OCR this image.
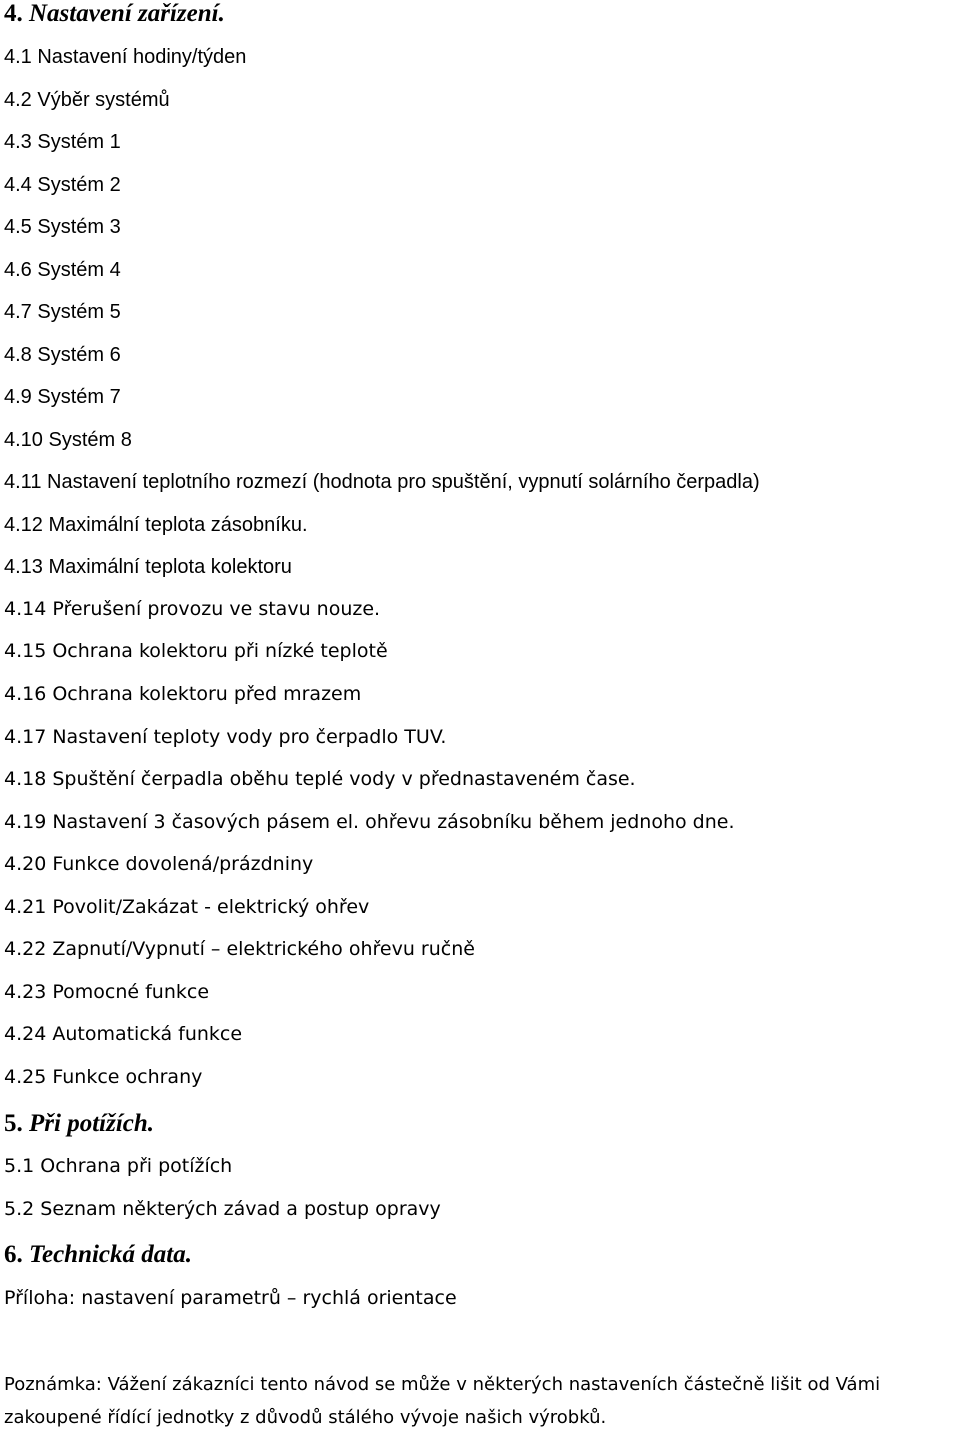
4. Nastavení zařízení.
4.1 Nastavení hodiny/týden
4.2 Výběr systémů
4.3 Systém 1
4.4 Systém 2
4.5 Systém 3
4.6 Systém 4
4.7 Systém 5
4.8 Systém 6
4.9 Systém 7
4.10 Systém 8
4.11 Nastavení teplotního rozmezí (hodnota pro spuštění, vypnutí solárního čerpadla)
4.12 Maximální teplota zásobníku.
4.13 Maximální teplota kolektoru
4.14 Přerušení provozu ve stavu nouze.
4.15 Ochrana kolektoru při nízké teplotě
4.16 Ochrana kolektoru před mrazem
4.17 Nastavení teploty vody pro čerpadlo TUV.
4.18 Spuštění čerpadla oběhu teplé vody v přednastaveném čase.
4.19 Nastavení 3 časových pásem el. ohřevu zásobníku během jednoho dne.
4.20 Funkce dovolená/prázdniny
4.21 Povolit/Zakázat - elektrický ohřev
4.22 Zapnutí/Vypnutí – elektrického ohřevu ručně
4.23 Pomocné funkce
4.24 Automatická funkce
4.25 Funkce ochrany
5. Při potížích.
5.1 Ochrana při potížích
5.2 Seznam některých závad a postup opravy
6. Technická data.
Příloha: nastavení parametrů – rychlá orientace
Poznámka: Vážení zákazníci tento návod se může v některých nastaveních částečně lišit od Vámi
zakoupené řídící jednotky z důvodů stálého vývoje našich výrobků.
